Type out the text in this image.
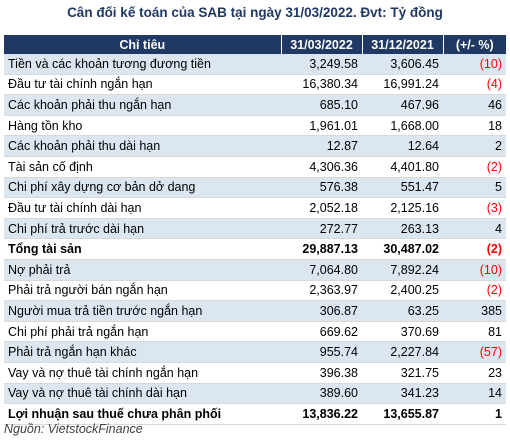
Cân đối kế toán của SAB tại ngày 31/03/2022. Đvt: Tỷ đồng
Chỉ tiêu	31/03/2022	31/12/2021	(+/- %)
Tiền và các khoản tương đương tiền	3,249.58	3,606.45	(10)
Đầu tư tài chính ngắn hạn	16,380.34	16,991.24	(4)
Các khoản phải thu ngắn hạn	685.10	467.96	46
Hàng tồn kho	1,961.01	1,668.00	18
Các khoản phải thu dài hạn	12.87	12.64	2
Tài sản cố định	4,306.36	4,401.80	(2)
Chi phí xây dựng cơ bản dở dang	576.38	551.47	5
Đầu tư tài chính dài hạn	2,052.18	2,125.16	(3)
Chi phí trả trước dài hạn	272.77	263.13	4
Tổng tài sản	29,887.13	30,487.02	(2)
Nợ phải trả	7,064.80	7,892.24	(10)
Phải trả người bán ngắn hạn	2,363.97	2,400.25	(2)
Người mua trả tiền trước ngắn hạn	306.87	63.25	385
Chi phí phải trả ngắn hạn	669.62	370.69	81
Phải trả ngắn hạn khác	955.74	2,227.84	(57)
Vay và nợ thuê tài chính ngắn hạn	396.38	321.75	23
Vay và nợ thuê tài chính dài hạn	389.60	341.23	14
Lợi nhuận sau thuế chưa phân phối	13,836.22	13,655.87	1
Nguồn: VietstockFinance
